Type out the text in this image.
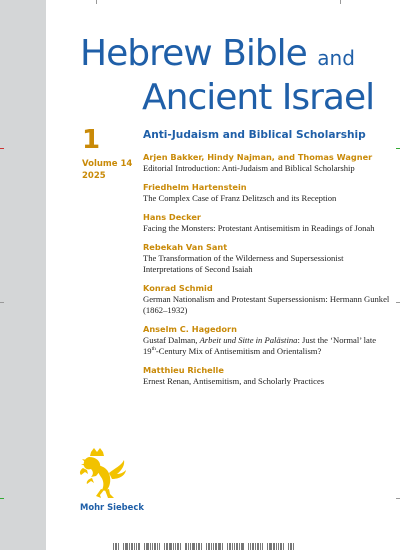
Hebrew Bible and
Ancient Israel
1
Volume 14
2025
Anti-Judaism and Biblical Scholarship
Arjen Bakker, Hindy Najman, and Thomas Wagner
Editorial Introduction: Anti-Judaism and Biblical Scholarship
Friedhelm Hartenstein
The Complex Case of Franz Delitzsch and its Reception
Hans Decker
Facing the Monsters: Protestant Antisemitism in Readings of Jonah
Rebekah Van Sant
The Transformation of the Wilderness and Supersessionist Interpretations of Second Isaiah
Konrad Schmid
German Nationalism and Protestant Supersessionism: Hermann Gunkel (1862–1932)
Anselm C. Hagedorn
Gustaf Dalman, Arbeit und Sitte in Palästina: Just the ‘Normal’ late 19th-Century Mix of Antisemitism and Orientalism?
Matthieu Richelle
Ernest Renan, Antisemitism, and Scholarly Practices
Mohr Siebeck
